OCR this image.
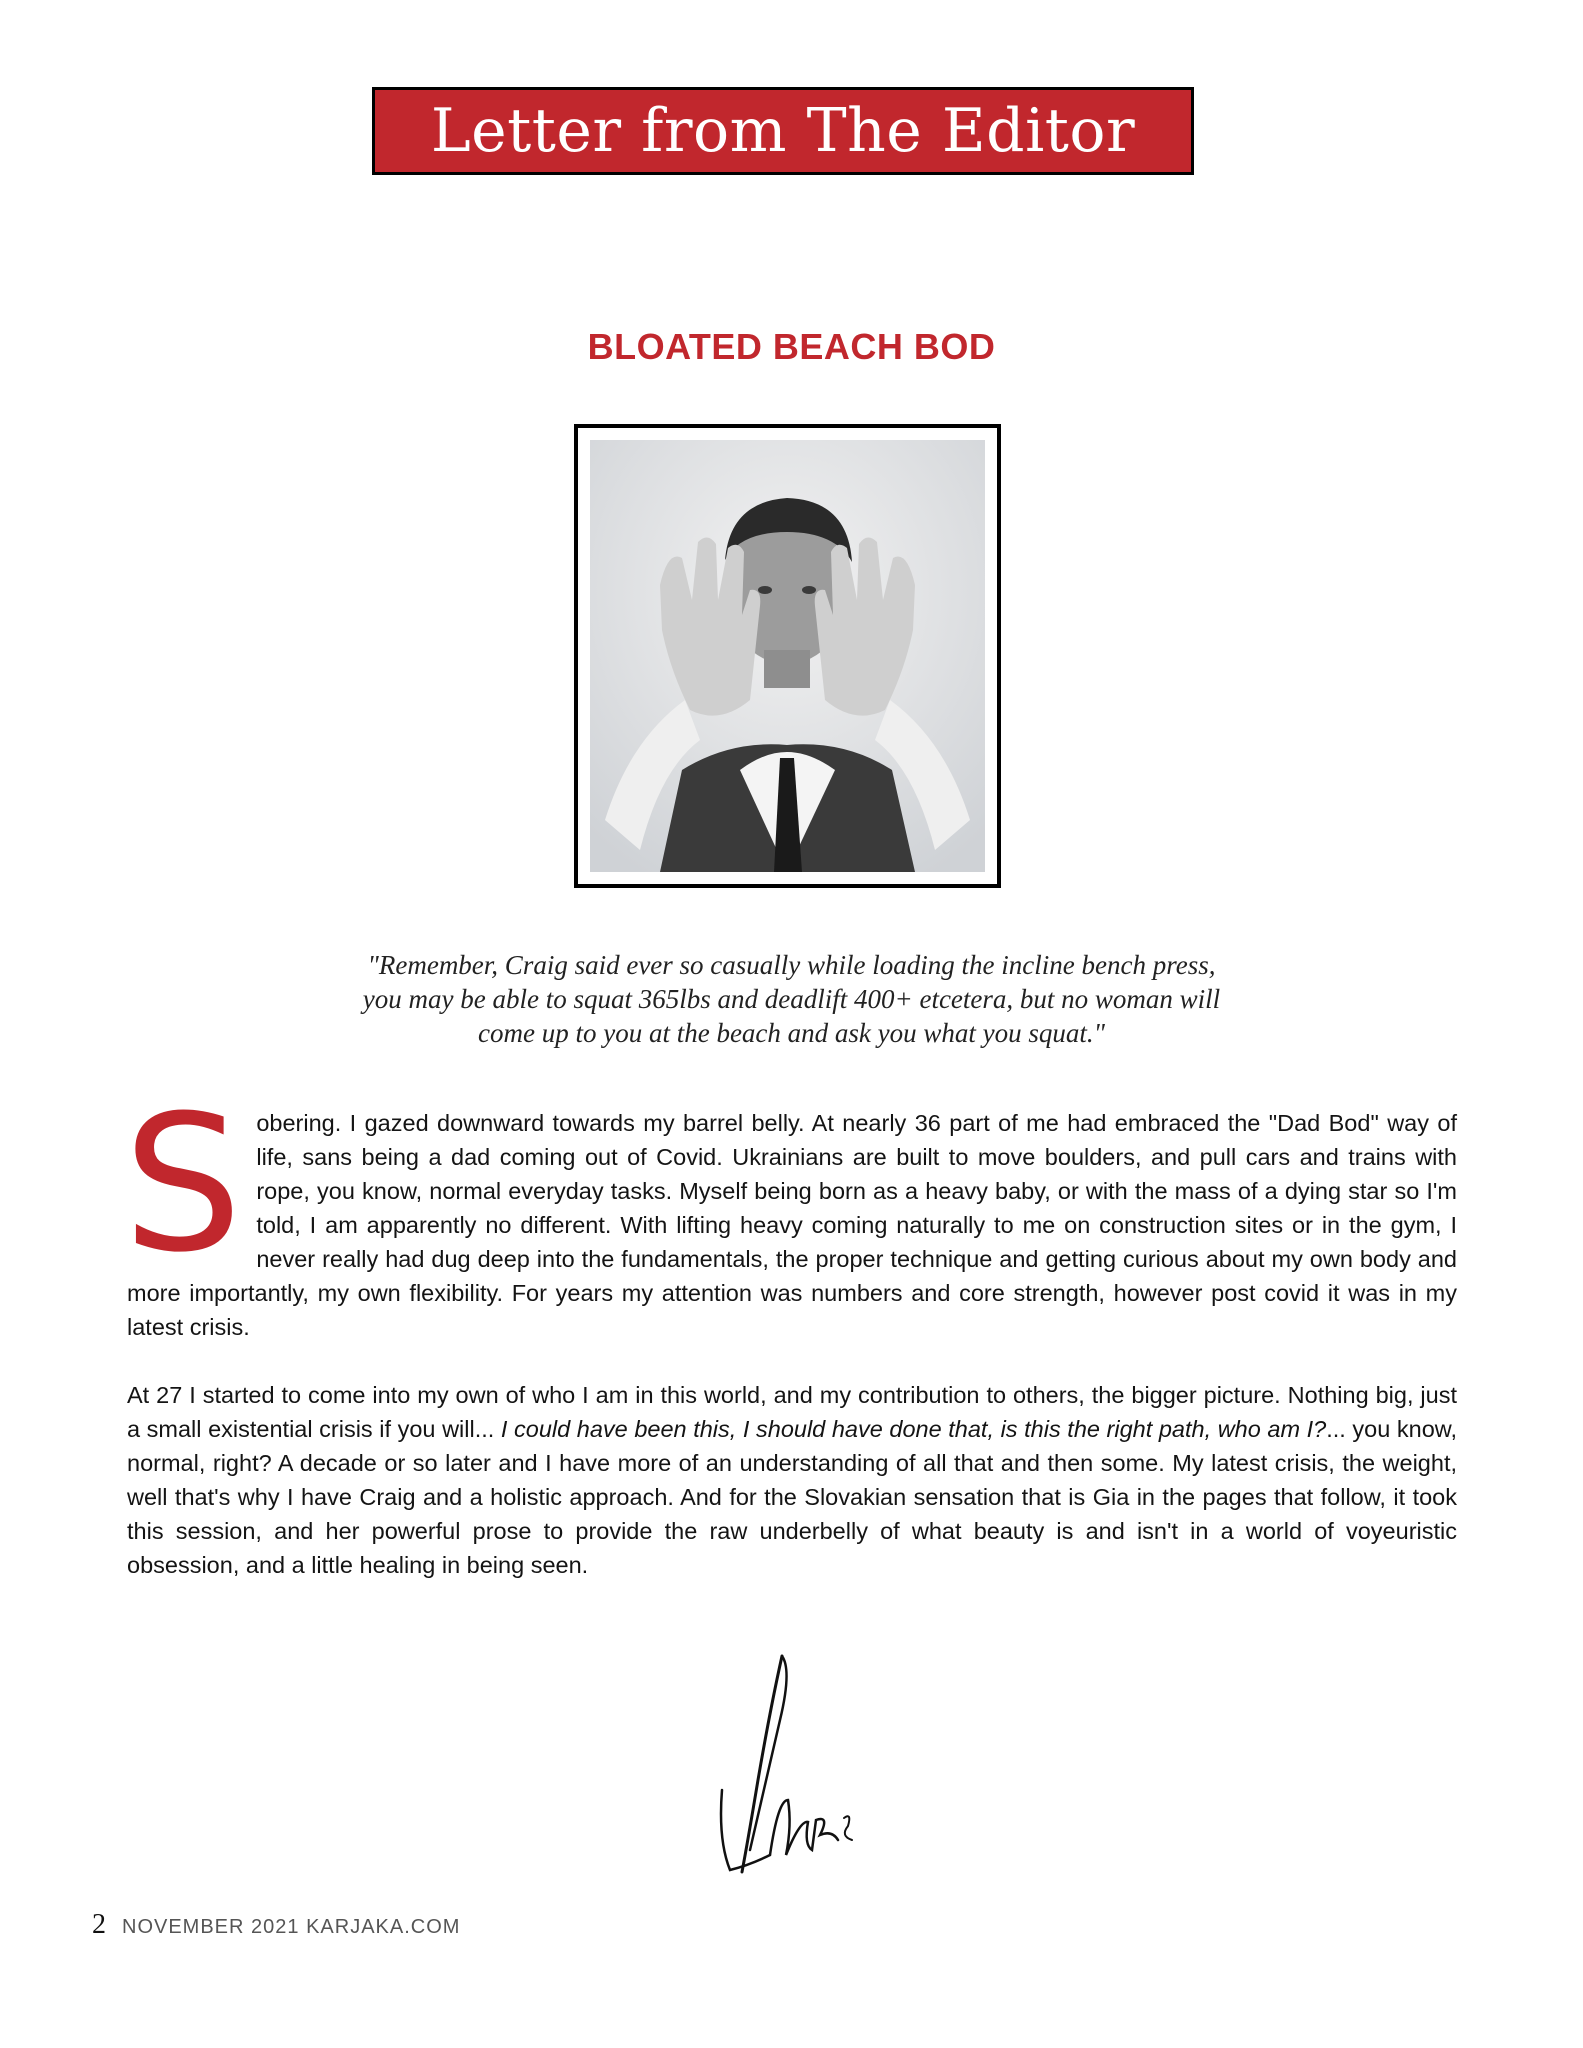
Letter from The Editor
BLOATED BEACH BOD
"Remember, Craig said ever so casually while loading the incline bench press,
you may be able to squat 365lbs and deadlift 400+ etcetera, but no woman will
come up to you at the beach and ask you what you squat."

Sobering. I gazed downward towards my barrel belly. At nearly 36 part of me had embraced the "Dad Bod" way of life, sans being a dad coming out of Covid. Ukrainians are built to move boulders, and pull cars and trains with rope, you know, normal everyday tasks. Myself being born as a heavy baby, or with the mass of a dying star so I'm told, I am apparently no different. With lifting heavy coming naturally to me on construction sites or in the gym, I never really had dug deep into the fundamentals, the proper technique and getting curious about my own body and more importantly, my own flexibility. For years my attention was numbers and core strength, however post covid it was in my latest crisis.

At 27 I started to come into my own of who I am in this world, and my contribution to others, the bigger picture. Nothing big, just a small existential crisis if you will... I could have been this, I should have done that, is this the right path, who am I?... you know, normal, right? A decade or so later and I have more of an understanding of all that and then some. My latest crisis, the weight, well that's why I have Craig and a holistic approach. And for the Slovakian sensation that is Gia in the pages that follow, it took this session, and her powerful prose to provide the raw underbelly of what beauty is and isn't in a world of voyeuristic obsession, and a little healing in being seen.

2 NOVEMBER 2021 KARJAKA.COM
